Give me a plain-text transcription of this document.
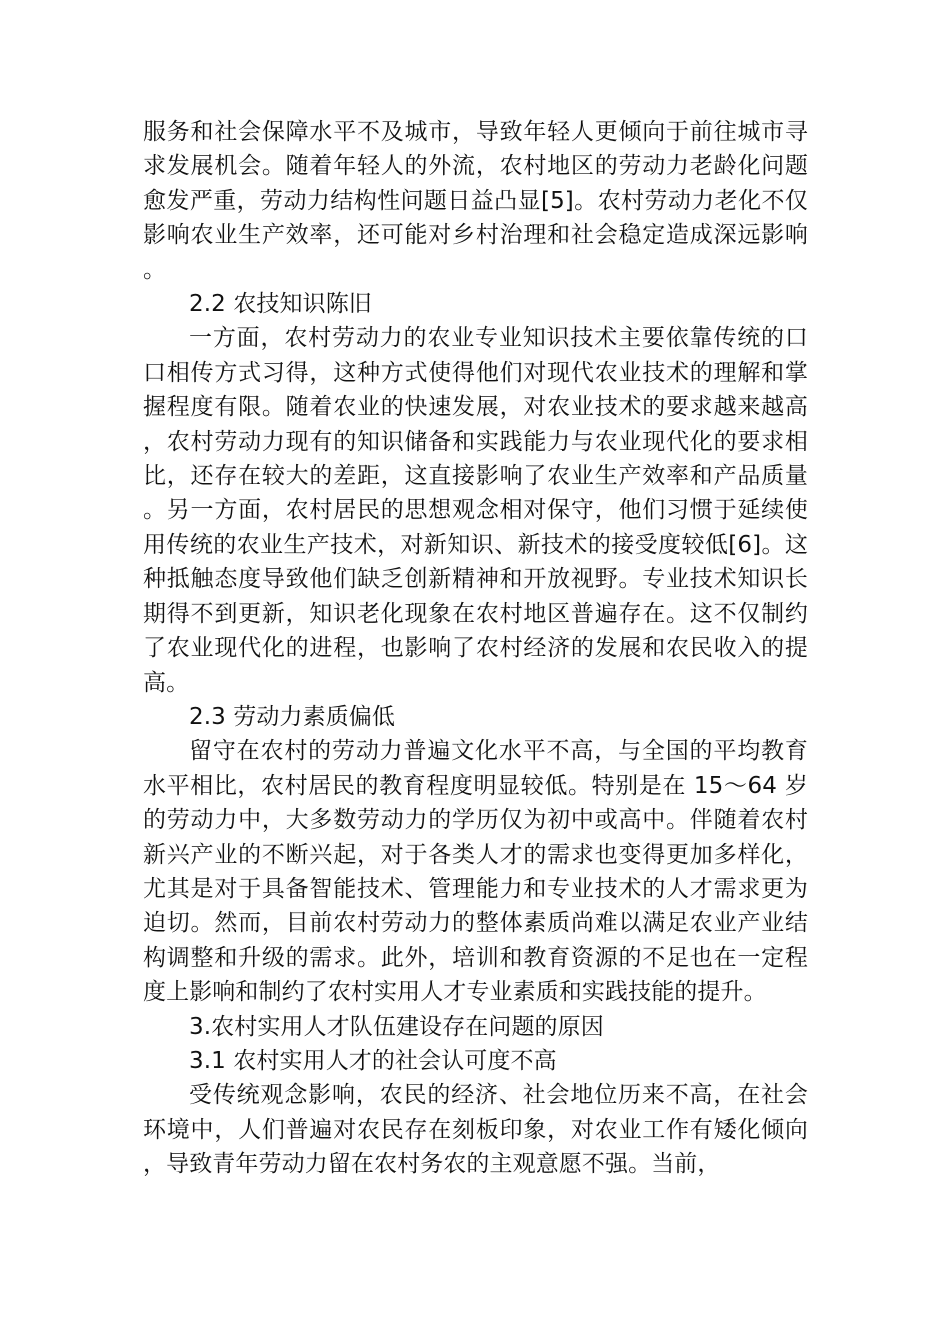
服务和社会保障水平不及城市，导致年轻人更倾向于前往城市寻求发展机会。随着年轻人的外流，农村地区的劳动力老龄化问题愈发严重，劳动力结构性问题日益凸显[5]。农村劳动力老化不仅影响农业生产效率，还可能对乡村治理和社会稳定造成深远影响。

2.2 农技知识陈旧

一方面，农村劳动力的农业专业知识技术主要依靠传统的口口相传方式习得，这种方式使得他们对现代农业技术的理解和掌握程度有限。随着农业的快速发展，对农业技术的要求越来越高，农村劳动力现有的知识储备和实践能力与农业现代化的要求相比，还存在较大的差距，这直接影响了农业生产效率和产品质量。另一方面，农村居民的思想观念相对保守，他们习惯于延续使用传统的农业生产技术，对新知识、新技术的接受度较低[6]。这种抵触态度导致他们缺乏创新精神和开放视野。专业技术知识长期得不到更新，知识老化现象在农村地区普遍存在。这不仅制约了农业现代化的进程，也影响了农村经济的发展和农民收入的提高。

2.3 劳动力素质偏低

留守在农村的劳动力普遍文化水平不高，与全国的平均教育水平相比，农村居民的教育程度明显较低。特别是在 15～64 岁的劳动力中，大多数劳动力的学历仅为初中或高中。伴随着农村新兴产业的不断兴起，对于各类人才的需求也变得更加多样化，尤其是对于具备智能技术、管理能力和专业技术的人才需求更为迫切。然而，目前农村劳动力的整体素质尚难以满足农业产业结构调整和升级的需求。此外，培训和教育资源的不足也在一定程度上影响和制约了农村实用人才专业素质和实践技能的提升。

3.农村实用人才队伍建设存在问题的原因

3.1 农村实用人才的社会认可度不高

受传统观念影响，农民的经济、社会地位历来不高，在社会环境中，人们普遍对农民存在刻板印象，对农业工作有矮化倾向，导致青年劳动力留在农村务农的主观意愿不强。当前，
